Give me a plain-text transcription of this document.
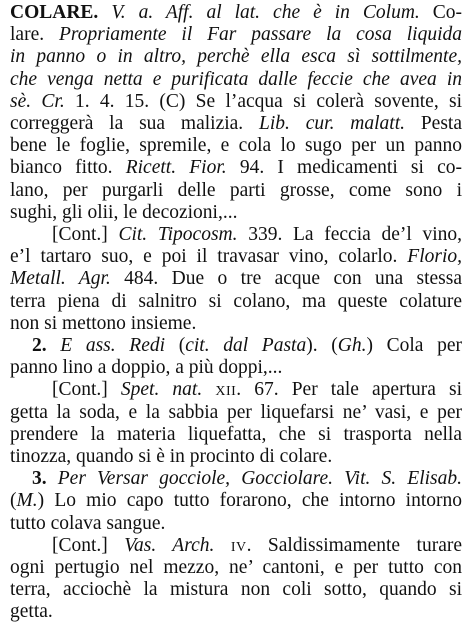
COLARE. V. a. Aff. al lat. che è in Colum. Co-
lare. Propriamente il Far passare la cosa liquida
in panno o in altro, perchè ella esca sì sottilmente,
che venga netta e purificata dalle feccie che avea in
sè. Cr. 1. 4. 15. (C) Se l’acqua si colerà sovente, si
correggerà la sua malizia. Lib. cur. malatt. Pesta
bene le foglie, spremile, e cola lo sugo per un panno
bianco fitto. Ricett. Fior. 94. I medicamenti si co-
lano, per purgarli delle parti grosse, come sono i
sughi, gli olii, le decozioni,...
[Cont.] Cit. Tipocosm. 339. La feccia de’l vino,
e’l tartaro suo, e poi il travasar vino, colarlo. Florio,
Metall. Agr. 484. Due o tre acque con una stessa
terra piena di salnitro si colano, ma queste colature
non si mettono insieme.
2. E ass. Redi (cit. dal Pasta). (Gh.) Cola per
panno lino a doppio, a più doppi,...
[Cont.] Spet. nat. xii. 67. Per tale apertura si
getta la soda, e la sabbia per liquefarsi ne’ vasi, e per
prendere la materia liquefatta, che si trasporta nella
tinozza, quando si è in procinto di colare.
3. Per Versar gocciole, Gocciolare. Vit. S. Elisab.
(M.) Lo mio capo tutto forarono, che intorno intorno
tutto colava sangue.
[Cont.] Vas. Arch. iv. Saldissimamente turare
ogni pertugio nel mezzo, ne’ cantoni, e per tutto con
terra, acciochè la mistura non coli sotto, quando si
getta.
